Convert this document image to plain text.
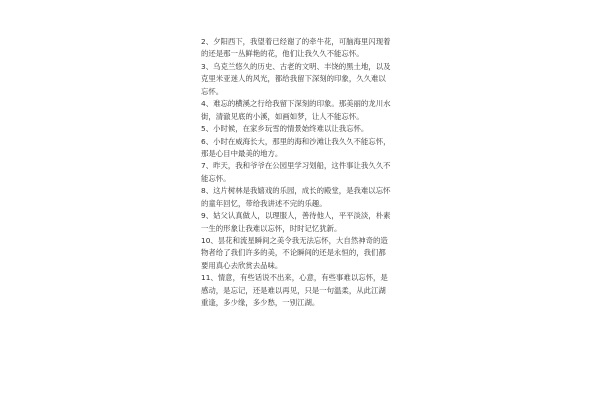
2、夕阳西下，我望着已经谢了的牵牛花，可脑海里闪现着
的还是那一丛鲜艳的花，他们让我久久不能忘怀。
3、乌克兰悠久的历史、古老的文明、丰饶的黑土地，以及
克里米亚迷人的风光，都给我留下深刻的印象，久久难以
忘怀。
4、难忘的横溪之行给我留下深刻的印象。那美丽的龙川水
街，清澈见底的小溪，如画如梦，让人不能忘怀。
5、小时候，在家乡玩雪的情景始终难以让我忘怀。
6、小时在威海长大，那里的海和沙滩让我久久不能忘怀，
那是心目中最美的地方。
7、昨天，我和爷爷在公园里学习划船，这件事让我久久不
能忘怀。
8、这片树林是我嬉戏的乐园，成长的殿堂，是我难以忘怀
的童年回忆，带给我讲述不完的乐趣。
9、姑父认真做人，以理服人，善待他人，平平淡淡，朴素
一生的形象让我难以忘怀，时时记忆犹新。
10、昙花和流星瞬间之美令我无法忘怀，大自然神奇的造
物者给了我们许多的美，不论瞬间的还是永恒的，我们都
要用真心去欣赏去品味。
11、情意，有些话说不出来，心意，有些事难以忘怀，是
感动，是忘记，还是难以再见，只是一句温柔，从此江湖
重逢，多少缘，多少愁，一别江湖。
